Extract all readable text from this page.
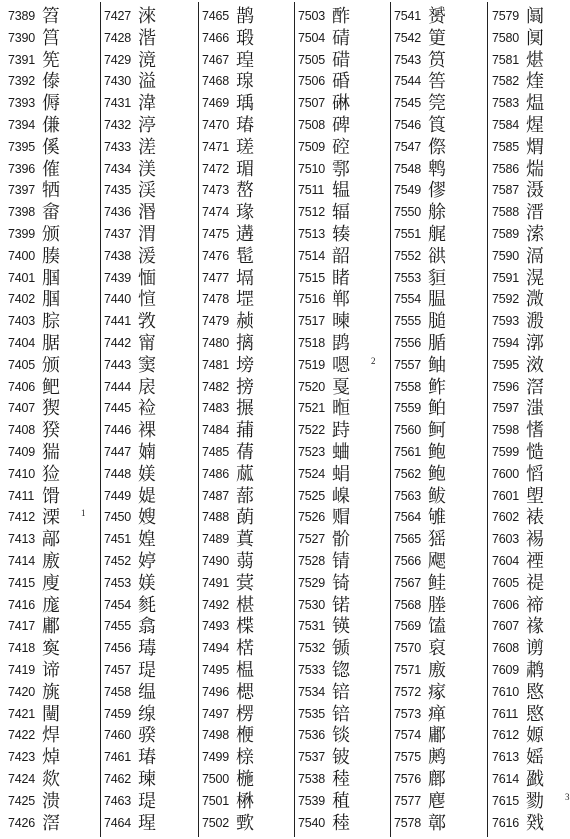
7389 笤
7390 筥
7391 筅
7392 傣
7393 傉
7394 傔
7395 傒
7396 傕
7397 牺
7398 畲
7399 颁
7400 腠
7401 腘
7402 腘
7403 腙
7404 腒
7405 颁
7406 鲃
7407 猰
7408 猤
7409 猯
7410 猃
7411 馉
7412 溧 1
7413 鄗
7414 廒
7415 廋
7416 庬
7417 鄘
7418 寏
7419 谛
7420 旐
7421 闉
7422 焊
7423 焯
7424 欻
7425 溃
7426 滘
7427 淶
7428 湝
7429 滰
7430 溢
7431 湋
7432 渟
7433 溠
7434 渼
7435 渓
7436 湣
7437 渭
7438 湲
7439 愐
7440 愃
7441 敩
7442 甯
7443 窦
7444 扆
7445 裣
7446 裸
7447 婻
7448 媄
7449 媞
7450 嫂
7451 媓
7452 婷
7453 媄
7454 毵
7455 翕
7456 瑇
7457 瑅
7458 缊
7459 缐
7460 骙
7461 瑃
7462 瑓
7463 瑅
7464 瑆
7465 鹊
7466 瑖
7467 瑝
7468 瑔
7469 瑀
7470 瑃
7471 瑳
7472 瑂
7473 嶅
7474 瑑
7475 遘
7476 髢
7477 塥
7478 堽
7479 赪
7480 摛
7481 塝
7482 搒
7483 搌
7484 蒱
7485 蒨
7486 蓏
7487 蔀
7488 蓢
7489 蒖
7490 蒻
7491 蓂
7492 椹
7493 楪
7494 楛
7495 榅
7496 楒
7497 楞
7498 楩
7499 榇
7500 椸
7501 楙
7502 歅
7503 酢
7504 碃
7505 碏
7506 碈
7507 碄
7508 碑
7509 硿
7510 鄠
7511 辒
7512 辐
7513 辏
7514 韶
7515 睹
7516 郸
7517 暕
7518 鹍
7519 嗯 2
7520 戛
7521 暅
7522 跱
7523 蛐
7524 蜎
7525 嵲
7526 赗
7527 骱
7528 锖
7529 锜
7530 锘
7531 锳
7532 锧
7533 锪
7534 锫
7535 锫
7536 锬
7537 铍
7538 稑
7539 稙
7540 稑
7541 赟
7542 筻
7543 筼
7544 筶
7545 筦
7546 筤
7547 傺
7548 鹎
7549 僇
7550 艅
7551 艉
7552 谼
7553 貆
7554 腽
7555 膇
7556 腯
7557 鲉
7558 鲊
7559 鲌
7560 鲄
7561 鲍
7562 鲍
7563 鲅
7564 雊
7565 猺
7566 飔
7567 鲑
7568 塍
7569 馌
7570 裒
7571 廒
7572 瘃
7573 瘅
7574 鄘
7575 鹒
7576 鄜
7577 麀
7578 鄣
7579 阘
7580 阒
7581 煁
7582 煃
7583 煴
7584 煋
7585 煟
7586 煓
7587 滠
7588 溍
7589 溹
7590 滆
7591 滉
7592 溦
7593 溵
7594 漷
7595 滧
7596 滘
7597 滍
7598 愭
7599 慥
7600 慆
7601 塱
7602 裱
7603 裼
7604 禋
7605 禔
7606 禘
7607 禒
7608 谫
7609 鹔
7610 愍
7611 愍
7612 嫄
7613 媱
7614 戤
7615 勠 3
7616 戣
